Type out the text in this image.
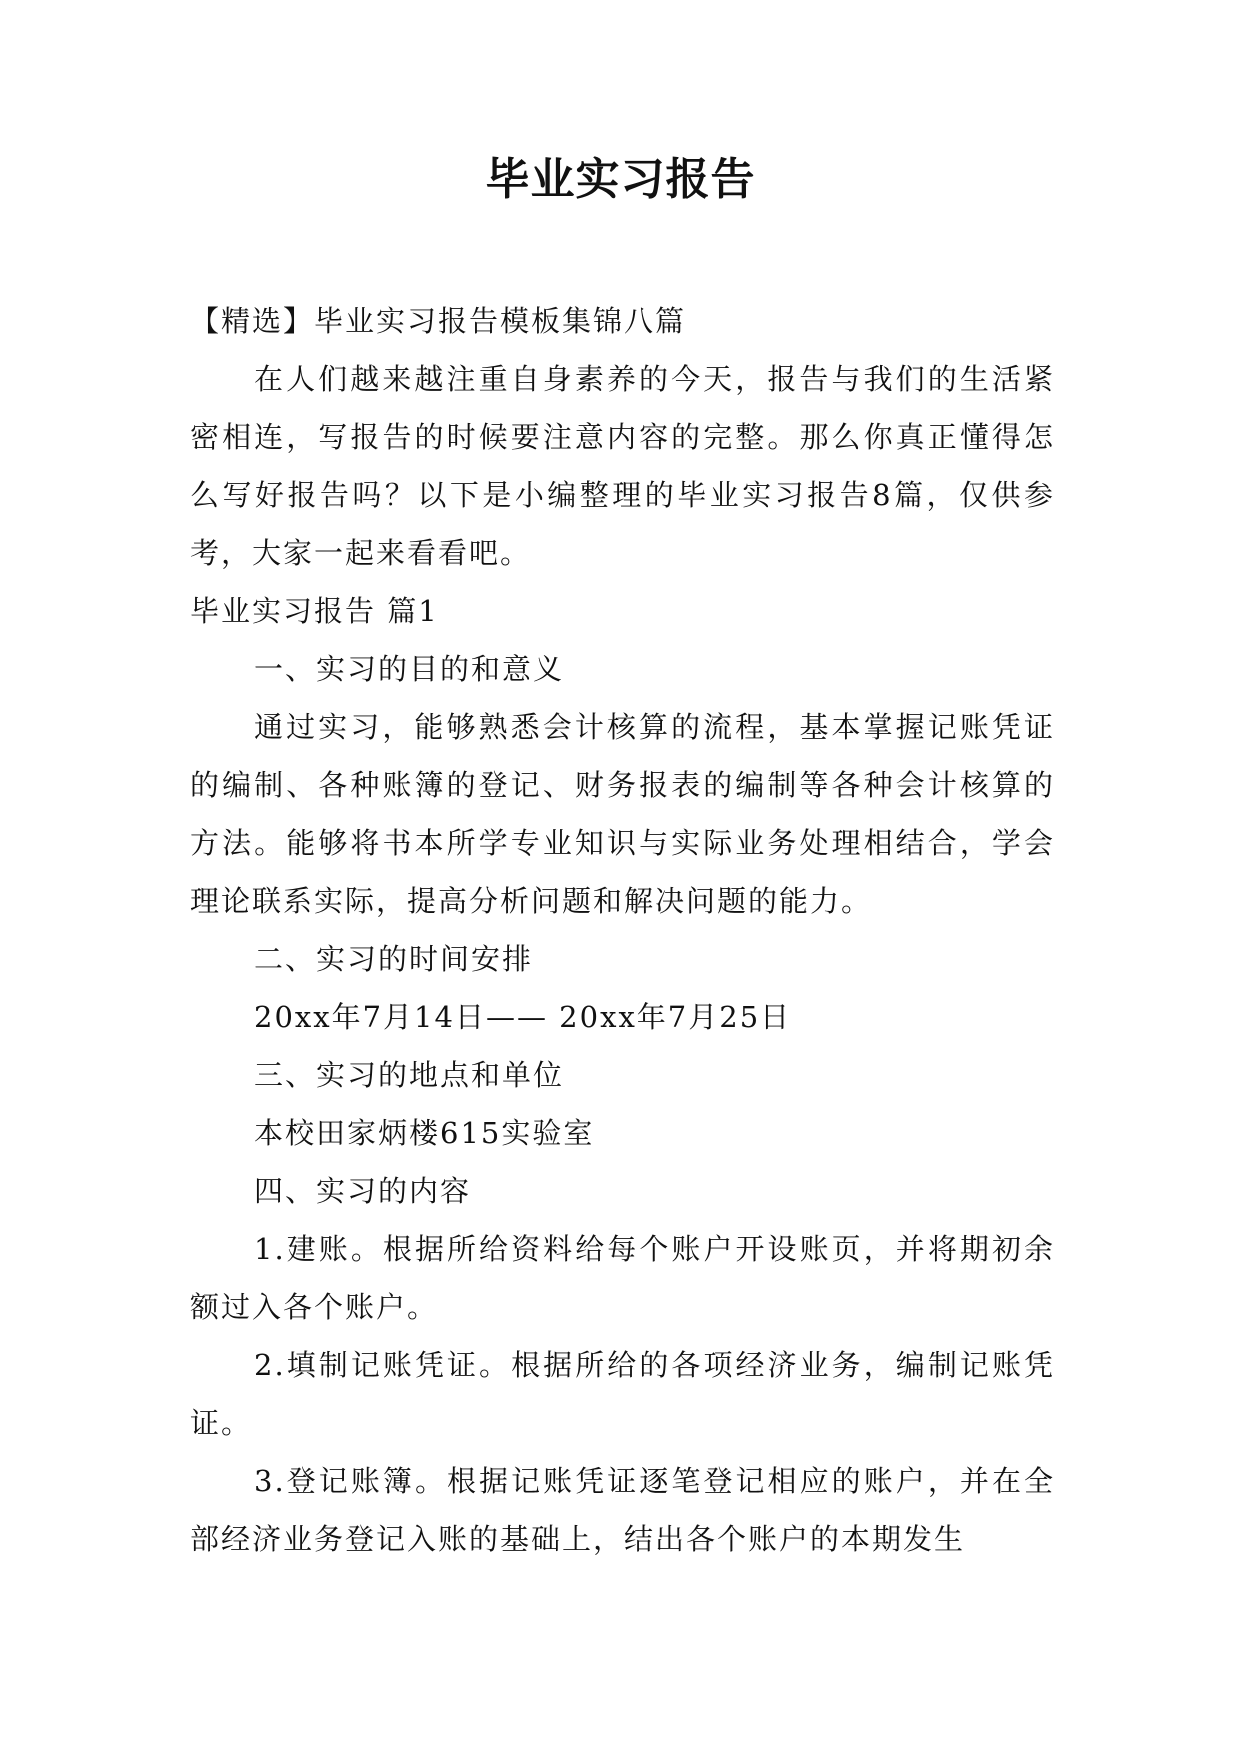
毕业实习报告

【精选】毕业实习报告模板集锦八篇

在人们越来越注重自身素养的今天，报告与我们的生活紧密相连，写报告的时候要注意内容的完整。那么你真正懂得怎么写好报告吗？以下是小编整理的毕业实习报告8篇，仅供参考，大家一起来看看吧。

毕业实习报告 篇1

一、实习的目的和意义

通过实习，能够熟悉会计核算的流程，基本掌握记账凭证的编制、各种账簿的登记、财务报表的编制等各种会计核算的方法。能够将书本所学专业知识与实际业务处理相结合，学会理论联系实际，提高分析问题和解决问题的能力。

二、实习的时间安排

20xx年7月14日—— 20xx年7月25日

三、实习的地点和单位

本校田家炳楼615实验室

四、实习的内容

1.建账。根据所给资料给每个账户开设账页，并将期初余额过入各个账户。

2.填制记账凭证。根据所给的各项经济业务，编制记账凭证。

3.登记账簿。根据记账凭证逐笔登记相应的账户，并在全部经济业务登记入账的基础上，结出各个账户的本期发生
